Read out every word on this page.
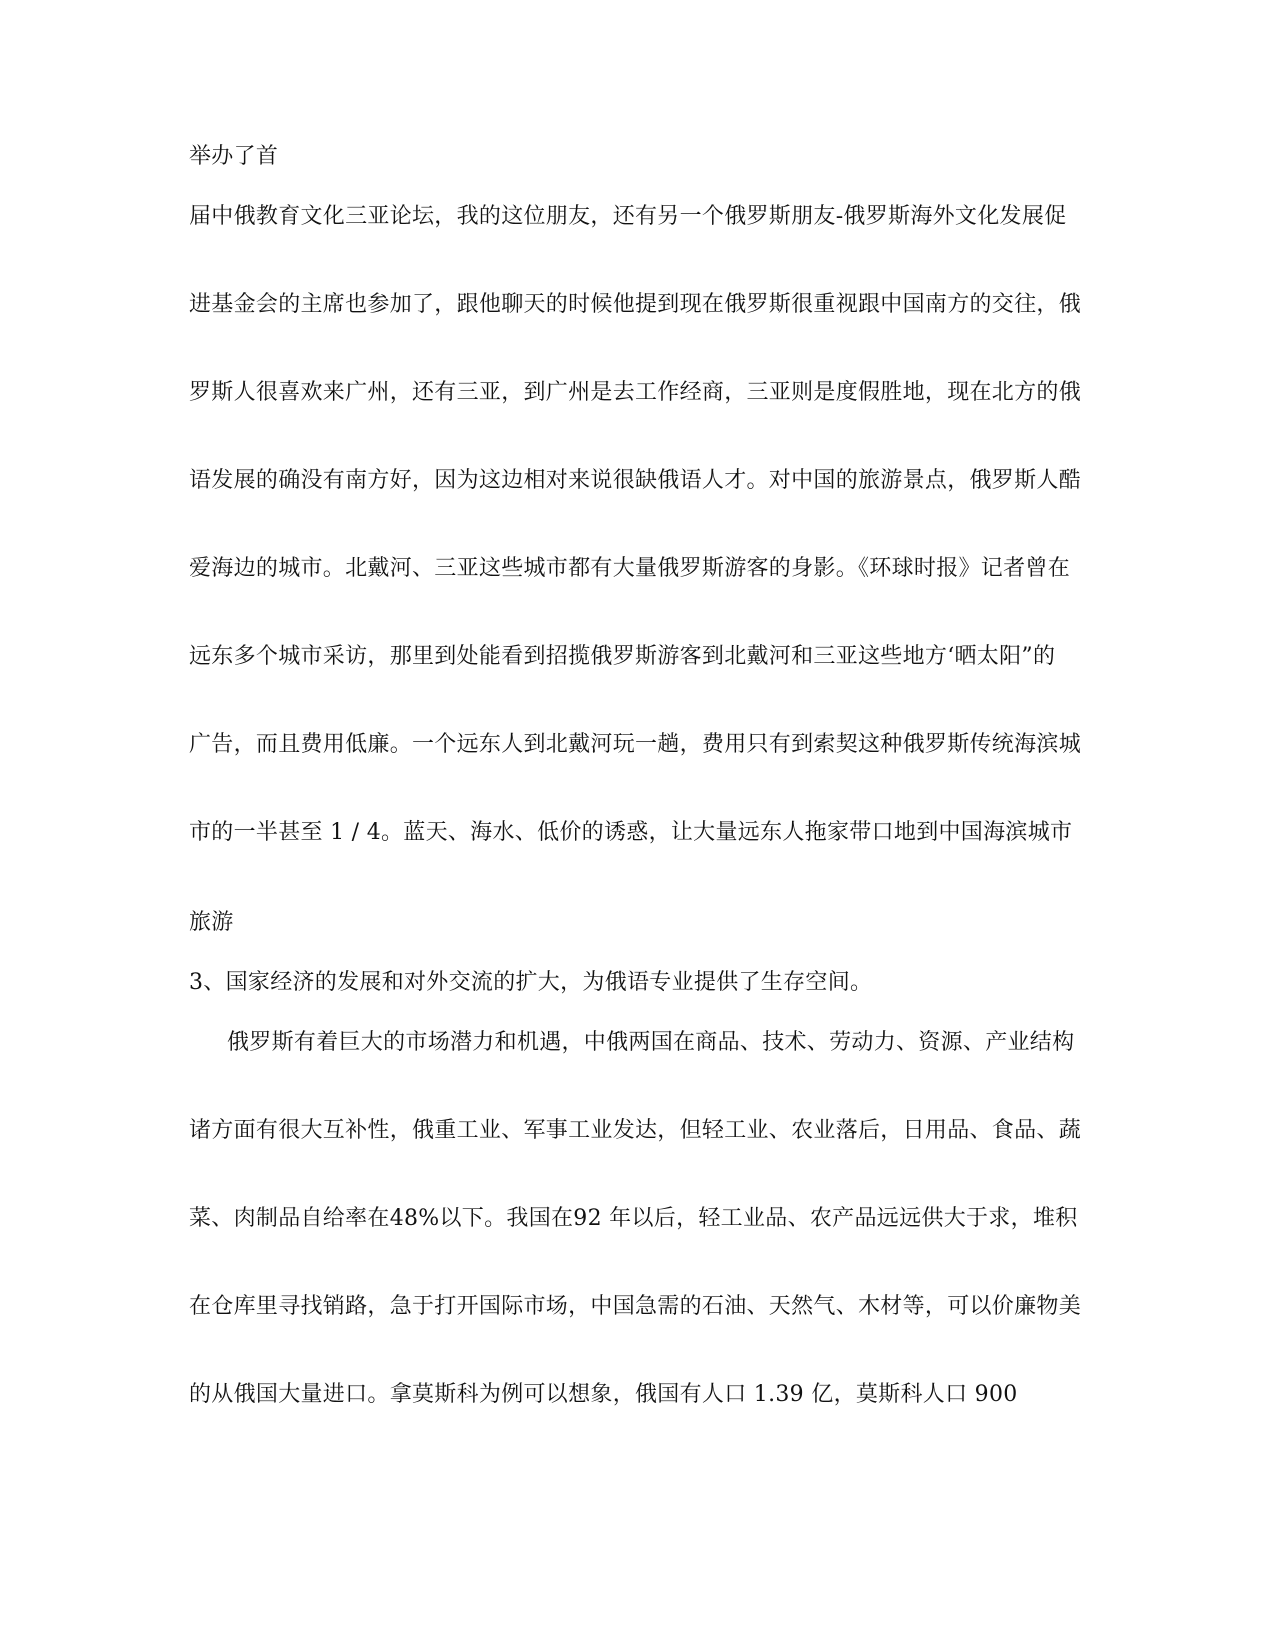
举办了首

届中俄教育文化三亚论坛，我的这位朋友，还有另一个俄罗斯朋友-俄罗斯海外文化发展促

进基金会的主席也参加了，跟他聊天的时候他提到现在俄罗斯很重视跟中国南方的交往，俄

罗斯人很喜欢来广州，还有三亚，到广州是去工作经商，三亚则是度假胜地，现在北方的俄

语发展的确没有南方好，因为这边相对来说很缺俄语人才。对中国的旅游景点，俄罗斯人酷

爱海边的城市。北戴河、三亚这些城市都有大量俄罗斯游客的身影。《环球时报》记者曾在

远东多个城市采访，那里到处能看到招揽俄罗斯游客到北戴河和三亚这些地方‘晒太阳”的

广告，而且费用低廉。一个远东人到北戴河玩一趟，费用只有到索契这种俄罗斯传统海滨城

市的一半甚至 1 / 4。蓝天、海水、低价的诱惑，让大量远东人拖家带口地到中国海滨城市

旅游

3、国家经济的发展和对外交流的扩大，为俄语专业提供了生存空间。

俄罗斯有着巨大的市场潜力和机遇，中俄两国在商品、技术、劳动力、资源、产业结构

诸方面有很大互补性，俄重工业、军事工业发达，但轻工业、农业落后，日用品、食品、蔬

菜、肉制品自给率在48%以下。我国在92 年以后，轻工业品、农产品远远供大于求，堆积

在仓库里寻找销路，急于打开国际市场，中国急需的石油、天然气、木材等，可以价廉物美

的从俄国大量进口。拿莫斯科为例可以想象，俄国有人口 1.39 亿，莫斯科人口 900
